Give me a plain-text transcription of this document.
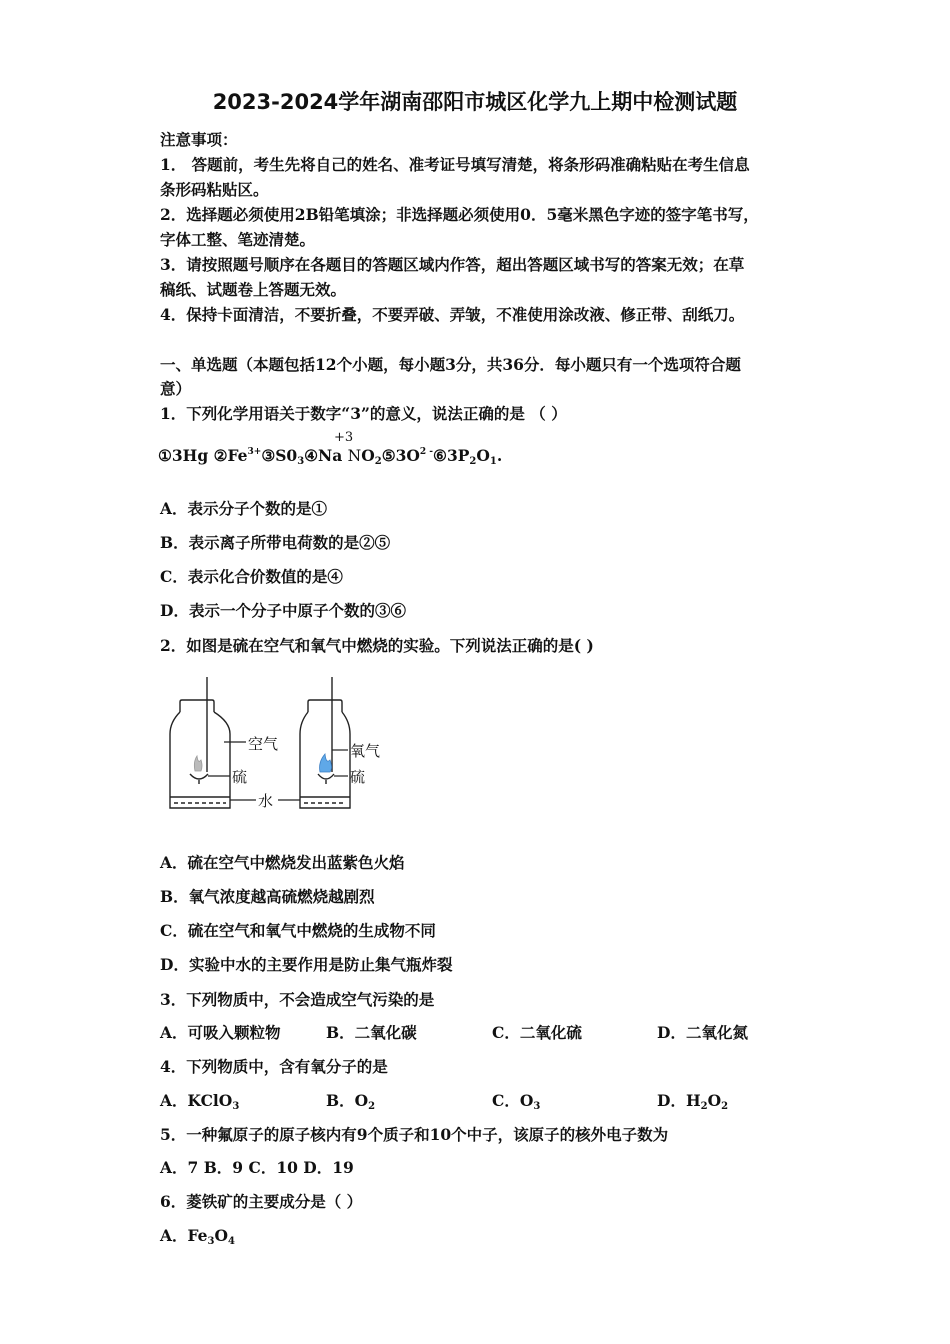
2023-2024学年湖南邵阳市城区化学九上期中检测试题
注意事项：
1． 答题前，考生先将自己的姓名、准考证号填写清楚，将条形码准确粘贴在考生信息
条形码粘贴区。
2．选择题必须使用2B铅笔填涂；非选择题必须使用0．5毫米黑色字迹的签字笔书写，
字体工整、笔迹清楚。
3．请按照题号顺序在各题目的答题区域内作答，超出答题区域书写的答案无效；在草
稿纸、试题卷上答题无效。
4．保持卡面清洁，不要折叠，不要弄破、弄皱，不准使用涂改液、修正带、刮纸刀。
一、单选题（本题包括12个小题，每小题3分，共36分．每小题只有一个选项符合题
意）
1．下列化学用语关于数字“3”的意义，说法正确的是 （ ）
+3
①3Hg $②Fe^{3+}③S0_3④Na$ $NO_2⑤3O^{2 -}⑥3P_2O_1$.
A．表示分子个数的是①
B．表示离子所带电荷数的是②⑤
C．表示化合价数值的是④
D．表示一个分子中原子个数的③⑥
2．如图是硫在空气和氧气中燃烧的实验。下列说法正确的是( )
空气
硫
水
氧气
硫
A．硫在空气中燃烧发出蓝紫色火焰
B．氧气浓度越高硫燃烧越剧烈
C．硫在空气和氧气中燃烧的生成物不同
D．实验中水的主要作用是防止集气瓶炸裂
3．下列物质中，不会造成空气污染的是
A．可吸入颗粒物	B．二氧化碳	C．二氧化硫	D．二氧化氮
4．下列物质中，含有氧分子的是
A．KClO$_3$	B．$O_2$	C．$O_3$	D．$H_2O_2$
5．一种氟原子的原子核内有9个质子和10个中子，该原子的核外电子数为
A．7 B．9 C．10 D．19
6．菱铁矿的主要成分是（ ）
A．$Fe_3O_4$
